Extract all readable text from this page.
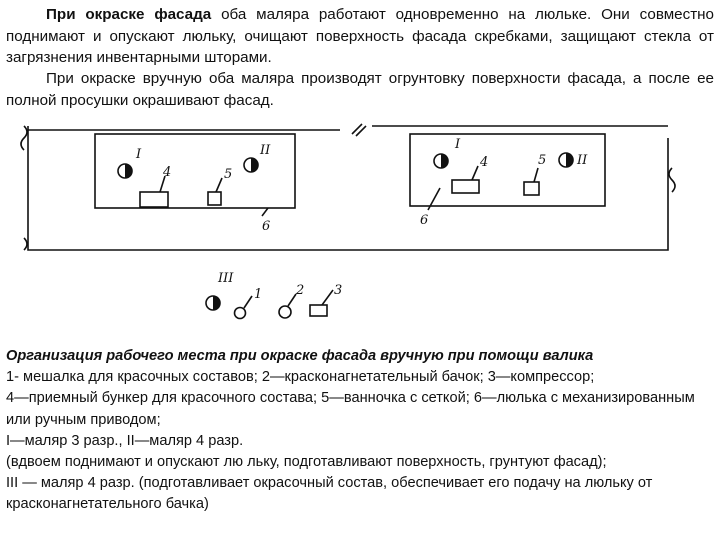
При окраске фасада оба маляра работают одновременно на люльке. Они совместно поднимают и опускают люльку, очищают поверхность фасада скребками, защищают стекла от загрязнения инвентарными шторами.

При окраске вручную оба маляра производят огрунтовку поверхности фасада, а после ее полной просушки окрашивают фасад.

I	II
4	5
6
I
II
4	5
6
III
1	2 3
Организация рабочего места при окраске фасада вручную при помощи валика
1- мешалка для красочных составов; 2—красконагнетательный бачок; 3—компрессор;
4—приемный бункер для красочного состава; 5—ванночка с сеткой; 6—люлька с механизированным или ручным приводом;
I—маляр 3 разр., II—маляр 4 разр.
(вдвоем поднимают и опускают лю льку, подготавливают поверхность, грунтуют фасад);
III — маляр 4 разр. (подготавливает окрасочный состав, обеспечивает его подачу на люльку от красконагнетательного бачка)
